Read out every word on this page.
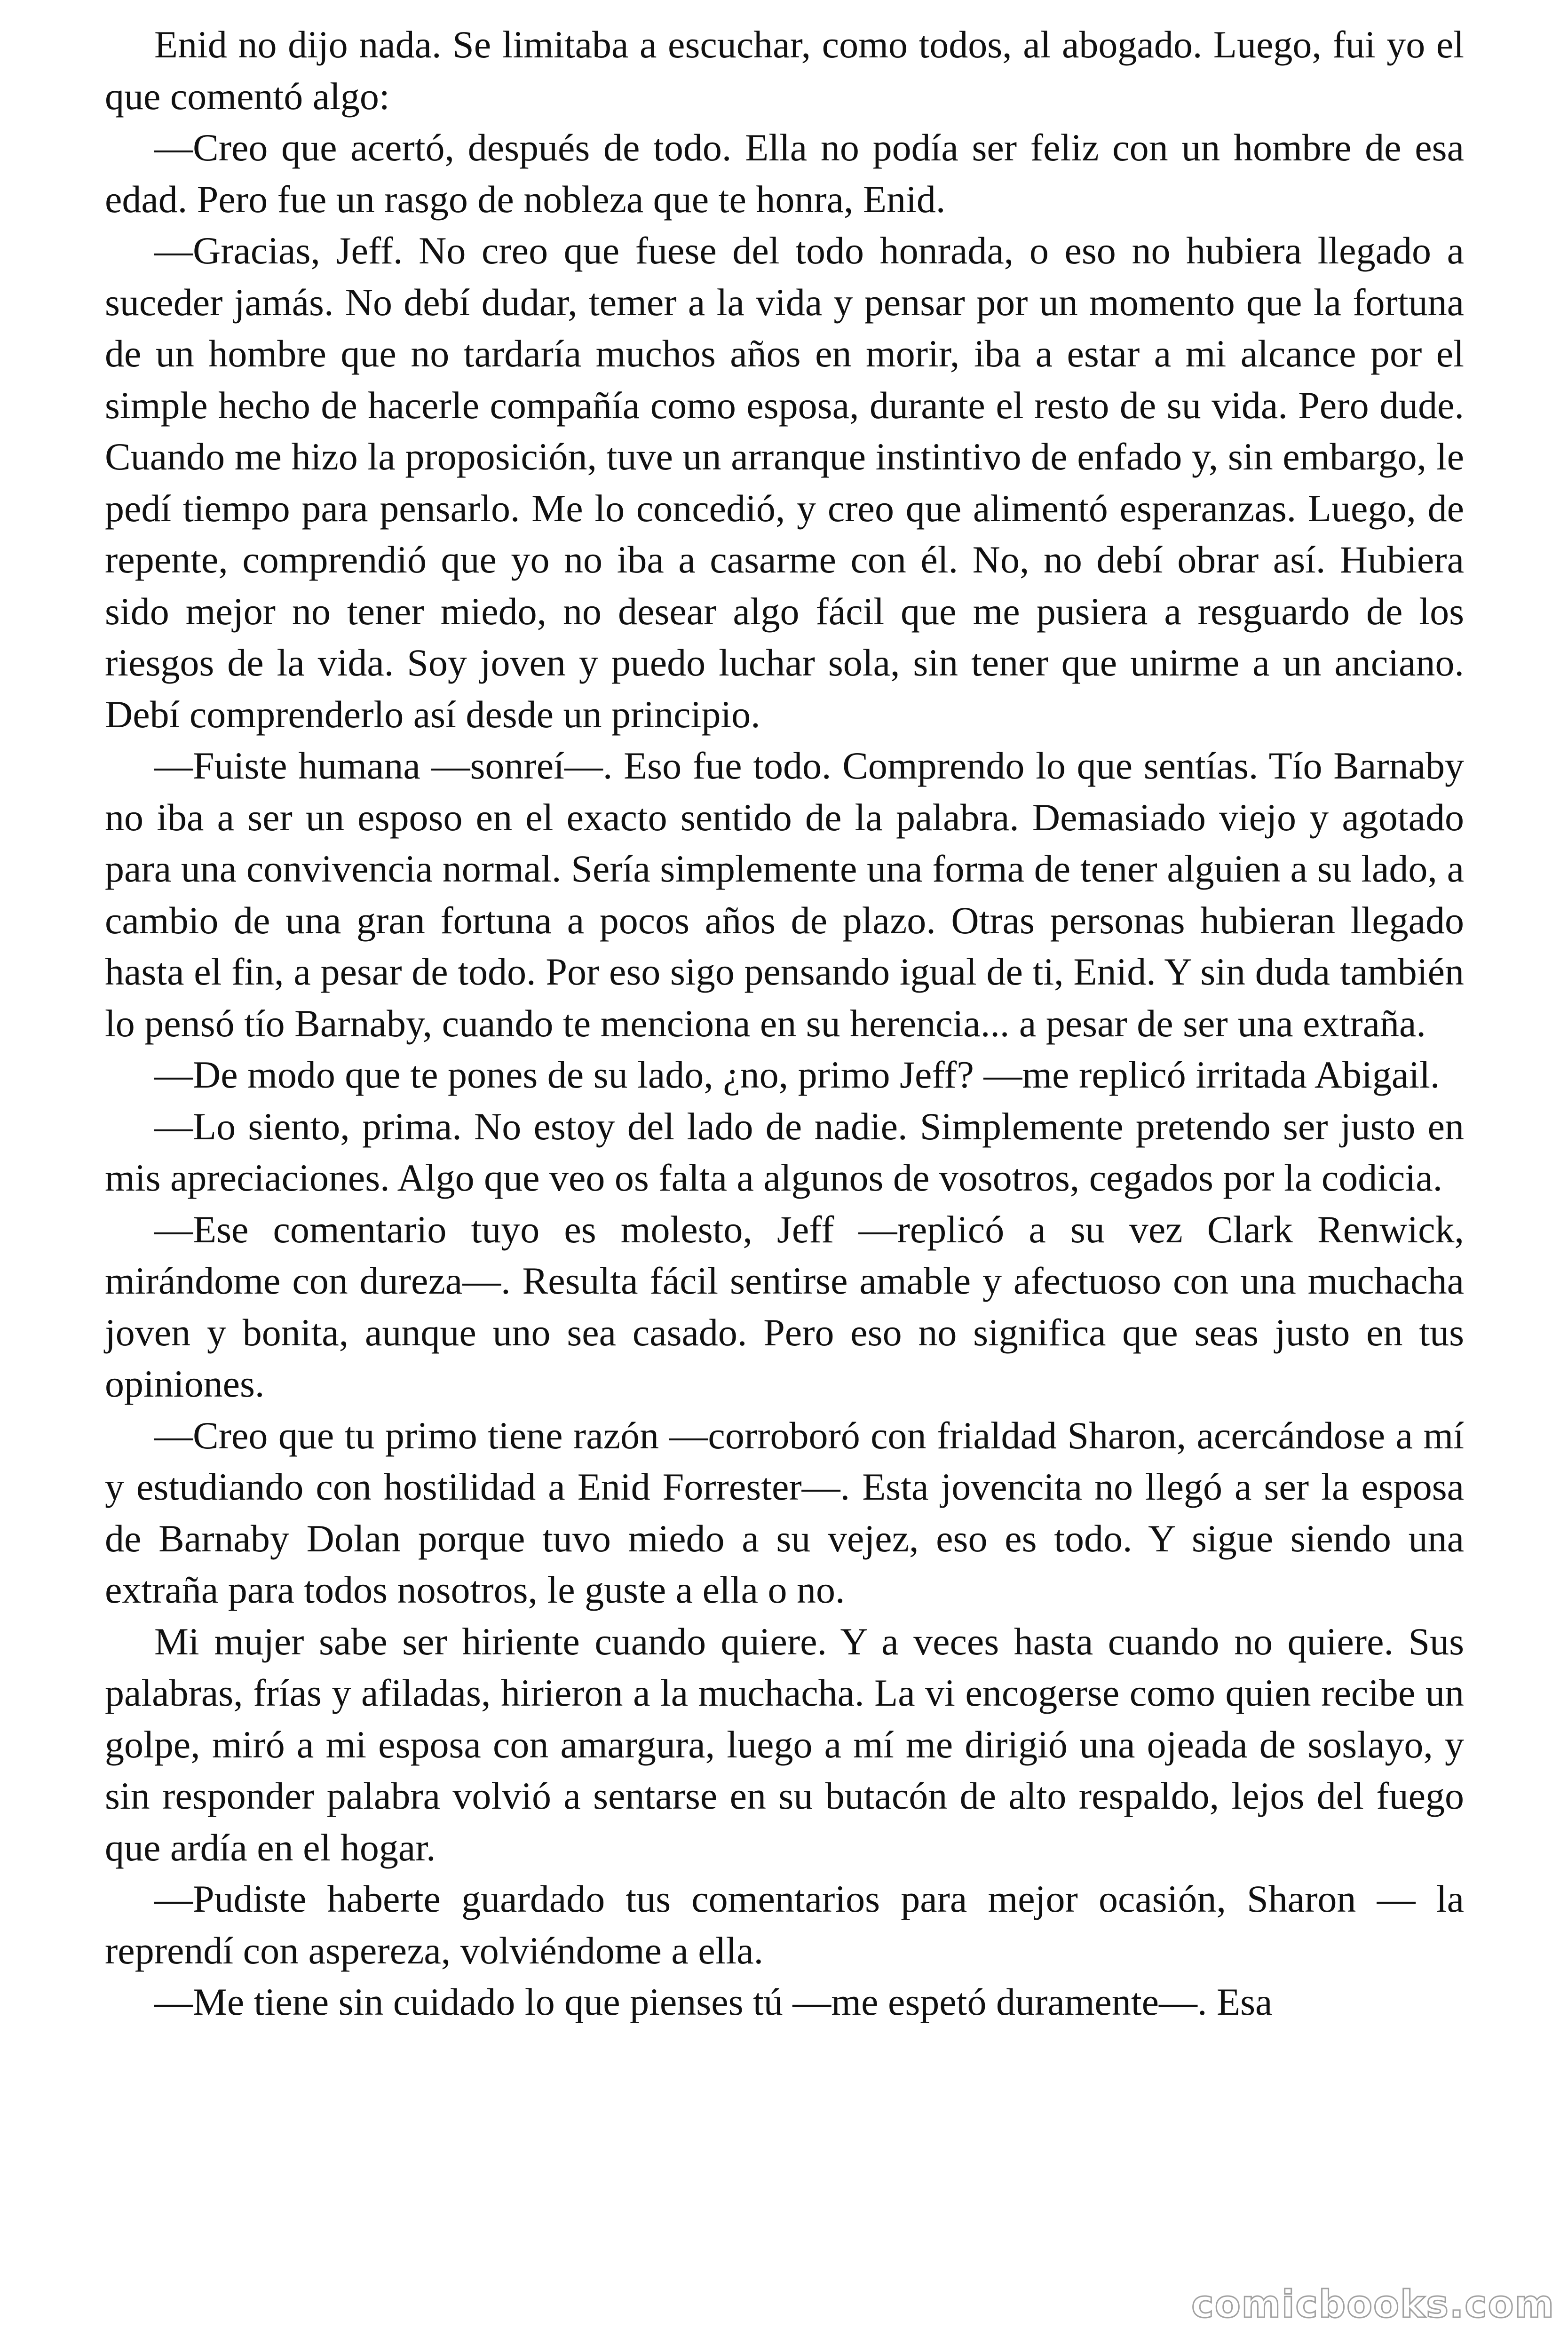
Enid no dijo nada. Se limitaba a escuchar, como todos, al abogado. Luego, fui yo el que comentó algo:

—Creo que acertó, después de todo. Ella no podía ser feliz con un hombre de esa edad. Pero fue un rasgo de nobleza que te honra, Enid.

—Gracias, Jeff. No creo que fuese del todo honrada, o eso no hubiera llegado a suceder jamás. No debí dudar, temer a la vida y pensar por un momento que la fortuna de un hombre que no tardaría muchos años en morir, iba a estar a mi alcance por el simple hecho de hacerle compañía como esposa, durante el resto de su vida. Pero dude. Cuando me hizo la proposición, tuve un arranque instintivo de enfado y, sin embargo, le pedí tiempo para pensarlo. Me lo concedió, y creo que alimentó esperanzas. Luego, de repente, comprendió que yo no iba a casarme con él. No, no debí obrar así. Hubiera sido mejor no tener miedo, no desear algo fácil que me pusiera a resguardo de los riesgos de la vida. Soy joven y puedo luchar sola, sin tener que unirme a un anciano. Debí comprenderlo así desde un principio.

—Fuiste humana —sonreí—. Eso fue todo. Comprendo lo que sentías. Tío Barnaby no iba a ser un esposo en el exacto sentido de la palabra. Demasiado viejo y agotado para una convivencia normal. Sería simplemente una forma de tener alguien a su lado, a cambio de una gran fortuna a pocos años de plazo. Otras personas hubieran llegado hasta el fin, a pesar de todo. Por eso sigo pensando igual de ti, Enid. Y sin duda también lo pensó tío Barnaby, cuando te menciona en su herencia... a pesar de ser una extraña.

—De modo que te pones de su lado, ¿no, primo Jeff? —me replicó irritada Abigail.

—Lo siento, prima. No estoy del lado de nadie. Simplemente pretendo ser justo en mis apreciaciones. Algo que veo os falta a algunos de vosotros, cegados por la codicia.

—Ese comentario tuyo es molesto, Jeff —replicó a su vez Clark Renwick, mirándome con dureza—. Resulta fácil sentirse amable y afectuoso con una muchacha joven y bonita, aunque uno sea casado. Pero eso no significa que seas justo en tus opiniones.

—Creo que tu primo tiene razón —corroboró con frialdad Sharon, acercándose a mí y estudiando con hostilidad a Enid Forrester—. Esta jovencita no llegó a ser la esposa de Barnaby Dolan porque tuvo miedo a su vejez, eso es todo. Y sigue siendo una extraña para todos nosotros, le guste a ella o no.

Mi mujer sabe ser hiriente cuando quiere. Y a veces hasta cuando no quiere. Sus palabras, frías y afiladas, hirieron a la muchacha. La vi encogerse como quien recibe un golpe, miró a mi esposa con amargura, luego a mí me dirigió una ojeada de soslayo, y sin responder palabra volvió a sentarse en su butacón de alto respaldo, lejos del fuego que ardía en el hogar.

—Pudiste haberte guardado tus comentarios para mejor ocasión, Sharon — la reprendí con aspereza, volviéndome a ella.

—Me tiene sin cuidado lo que pienses tú —me espetó duramente—. Esa

comicbooks.com
